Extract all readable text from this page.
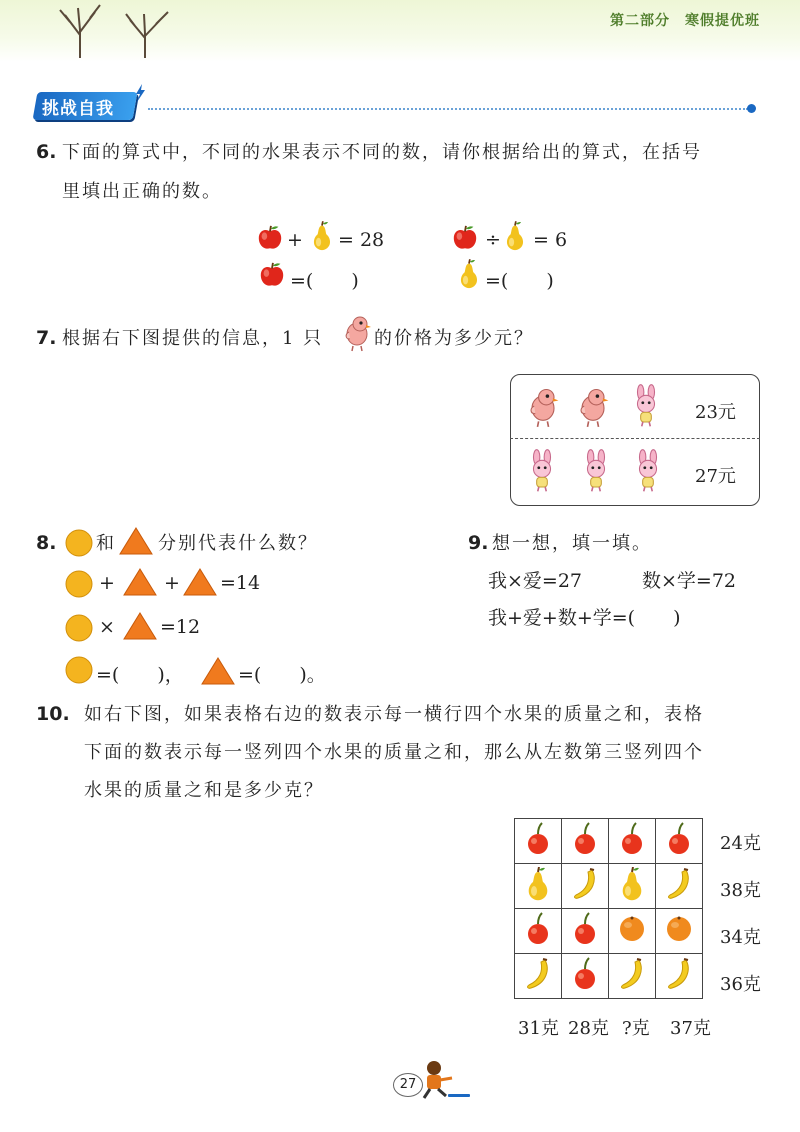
第二部分　寒假提优班
挑战自我
6. 下面的算式中，不同的水果表示不同的数，请你根据给出的算式，在括号
里填出正确的数。
+ = 28	÷ = 6
=(　　)	=(　　)
7. 根据右下图提供的信息，1 只	的价格为多少元？
23元
27元
8. 和 分别代表什么数？
+	+ =14
× =12
=(　　)，	=(　　)。
9. 想一想，填一填。
我×爱=27	数×学=72
我+爱+数+学=(　　)
10. 如右下图，如果表格右边的数表示每一横行四个水果的质量之和，表格
下面的数表示每一竖列四个水果的质量之和，那么从左数第三竖列四个
水果的质量之和是多少克？

24克
38克
34克
36克
31克 28克 ?克 37克
27
